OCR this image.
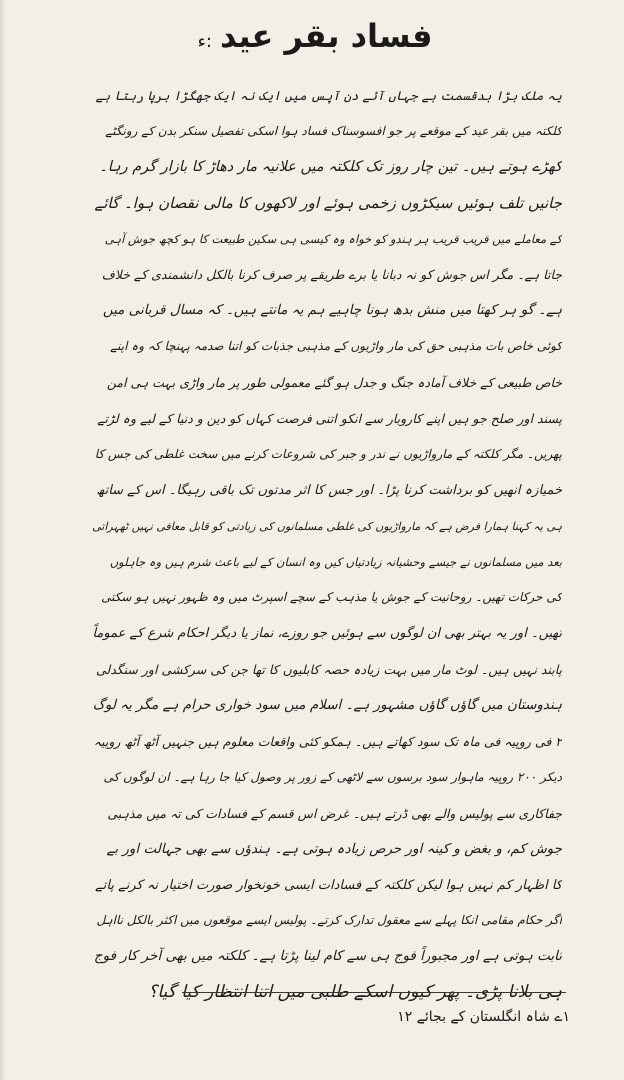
فساد بقر عید:ء
یہ ملک بڑا بدقسمت ہے جہاں آئے دن آپس میں ایک نہ ایک جھگڑا برپا رہتا ہے
کلکتہ میں بقر عید کے موقعے پر جو افسوسناک فساد ہوا اسکی تفصیل سنکر بدن کے رونگٹے
کھڑے ہوتے ہیں۔ تین چار روز تک کلکتہ میں علانیہ مار دھاڑ کا بازار گرم رہا۔
جانیں تلف ہوئیں سیکڑوں زخمی ہوئے اور لاکھوں کا مالی نقصان ہوا۔ گائے
کے معاملے میں قریب قریب ہر ہندو کو خواہ وہ کیسی ہی سکین طبیعت کا ہو کچھ جوش آہی
جاتا ہے۔ مگر اس جوش کو نہ دبانا یا برے طریقے پر صرف کرنا بالکل دانشمندی کے خلاف
ہے۔ گو ہر کھتا میں منش بدھ ہونا چاہیے ہم یہ مانتے ہیں۔ کہ مسال قربانی میں
کوئی خاص بات مذہبی حق کی مار واڑیوں کے مذہبی جذبات کو اتنا صدمہ پہنچا کہ وہ اپنے
خاص طبیعی کے خلاف آمادہ جنگ و جدل ہو گئے معمولی طور پر مار واڑی بہت ہی امن
پسند اور صلح جو ہیں اپنے کاروبار سے انکو اتنی فرصت کہاں کو دین و دنیا کے لیے وہ لڑتے
پھریں۔ مگر کلکتہ کے مارواڑیوں نے ندر و جبر کی شروعات کرنے میں سخت غلطی کی جس کا
خمیازہ انھیں کو برداشت کرنا پڑا۔ اور جس کا اثر مدتوں تک باقی رہیگا۔ اس کے ساتھ
ہی یہ کہنا ہمارا فرض ہے کہ مارواڑیوں کی غلطی مسلمانوں کی زیادتی کو قابل معافی نہیں ٹھہراتی
بعد میں مسلمانوں نے جیسے وحشیانہ زیادتیاں کیں وہ انسان کے لیے باعث شرم ہیں وہ جاہلوں
کی حرکات تھیں۔ روحانیت کے جوش یا مذہب کے سچے اسپرٹ میں وہ ظہور نہیں ہو سکتی
تھیں۔ اور یہ بہتر بھی ان لوگوں سے ہوئیں جو روزے، نماز یا دیگر احکام شرع کے عموماً
پابند نہیں ہیں۔ لوٹ مار میں بہت زیادہ حصہ کابلیوں کا تھا جن کی سرکشی اور سنگدلی
ہندوستان میں گاؤں گاؤں مشہور ہے۔ اسلام میں سود خواری حرام ہے مگر یہ لوگ
۲ فی روپیہ فی ماہ تک سود کھاتے ہیں۔ ہمکو کئی واقعات معلوم ہیں جنہیں آٹھ آٹھ روپیہ
دیکر ۲۰۰ روپیہ ماہوار سود برسوں سے لاٹھی کے زور پر وصول کیا جا رہا ہے۔ ان لوگوں کی
جفاکاری سے پولیس والے بھی ڈرتے ہیں۔ غرض اس قسم کے فسادات کی تہ میں مذہبی
جوش کم، و بغض و کینہ اور حرص زیادہ ہوتی ہے۔ ہندؤں سے بھی جہالت اور بے
کا اظہار کم نہیں ہوا لیکن کلکتہ کے فسادات ایسی خونخوار صورت اختیار نہ کرنے پاتے
اگر حکام مقامی انکا پہلے سے معقول تدارک کرتے۔ پولیس ایسے موقعوں میں اکثر بالکل نااہل
ثابت ہوتی ہے اور مجبوراً فوج ہی سے کام لینا پڑتا ہے۔ کلکتہ میں بھی آخر کار فوج
ہی بلانا پڑی۔ پھر کیوں اسکے طلبی میں اتنا انتظار کیا گیا؟
۱ے شاہ انگلستان کے بجائے ۱۲
